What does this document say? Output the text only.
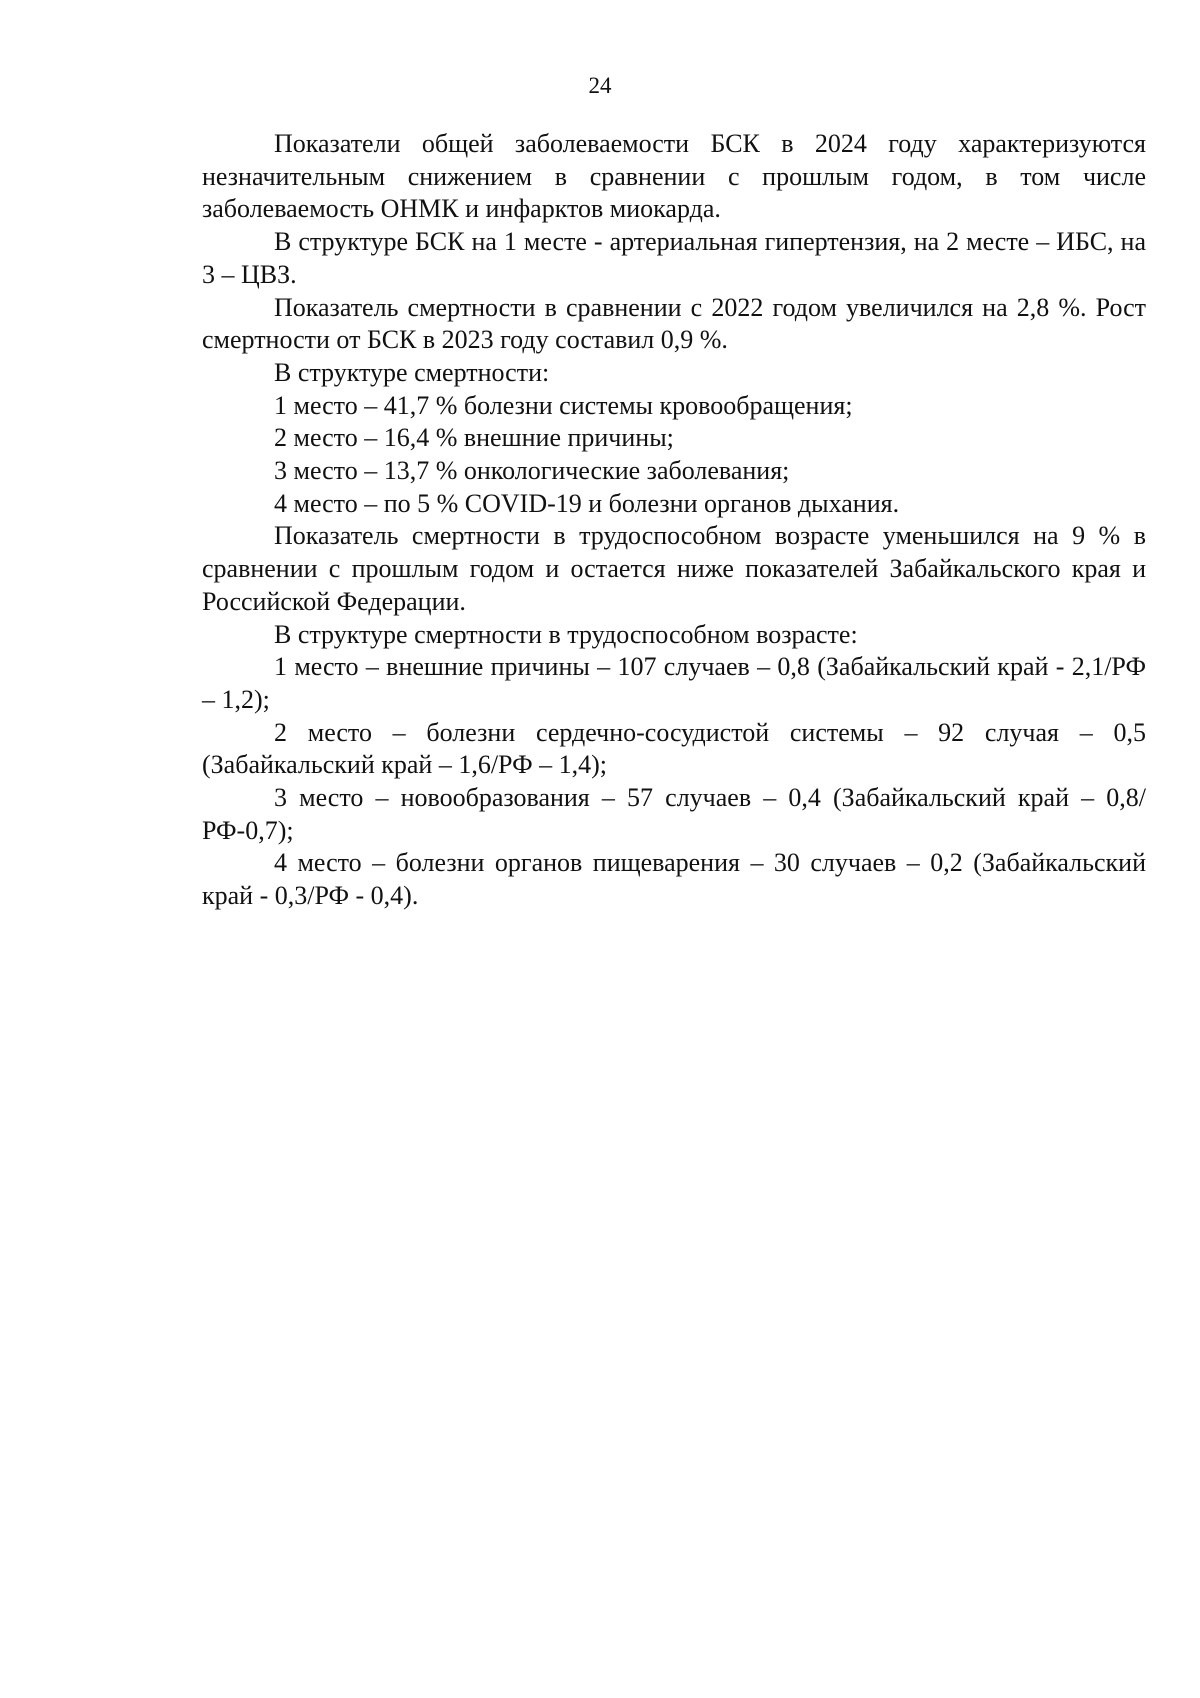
24

Показатели общей заболеваемости БСК в 2024 году характеризуются незначительным снижением в сравнении с прошлым годом, в том числе заболеваемость ОНМК и инфарктов миокарда.

В структуре БСК на 1 месте - артериальная гипертензия, на 2 месте – ИБС, на 3 – ЦВЗ.

Показатель смертности в сравнении с 2022 годом увеличился на 2,8 %. Рост смертности от БСК в 2023 году составил 0,9 %.

В структуре смертности:

1 место – 41,7 % болезни системы кровообращения;

2 место – 16,4 % внешние причины;

3 место – 13,7 % онкологические заболевания;

4 место – по 5 % COVID-19 и болезни органов дыхания.

Показатель смертности в трудоспособном возрасте уменьшился на 9 % в сравнении с прошлым годом и остается ниже показателей Забайкальского края и Российской Федерации.

В структуре смертности в трудоспособном возрасте:

1 место – внешние причины – 107 случаев – 0,8 (Забайкальский край - 2,1/РФ – 1,2);

2 место – болезни сердечно-сосудистой системы – 92 случая – 0,5 (Забайкальский край – 1,6/РФ – 1,4);

3 место – новообразования – 57 случаев – 0,4 (Забайкальский край – 0,8/РФ-0,7);

4 место – болезни органов пищеварения – 30 случаев – 0,2 (Забайкальский край - 0,3/РФ - 0,4).
